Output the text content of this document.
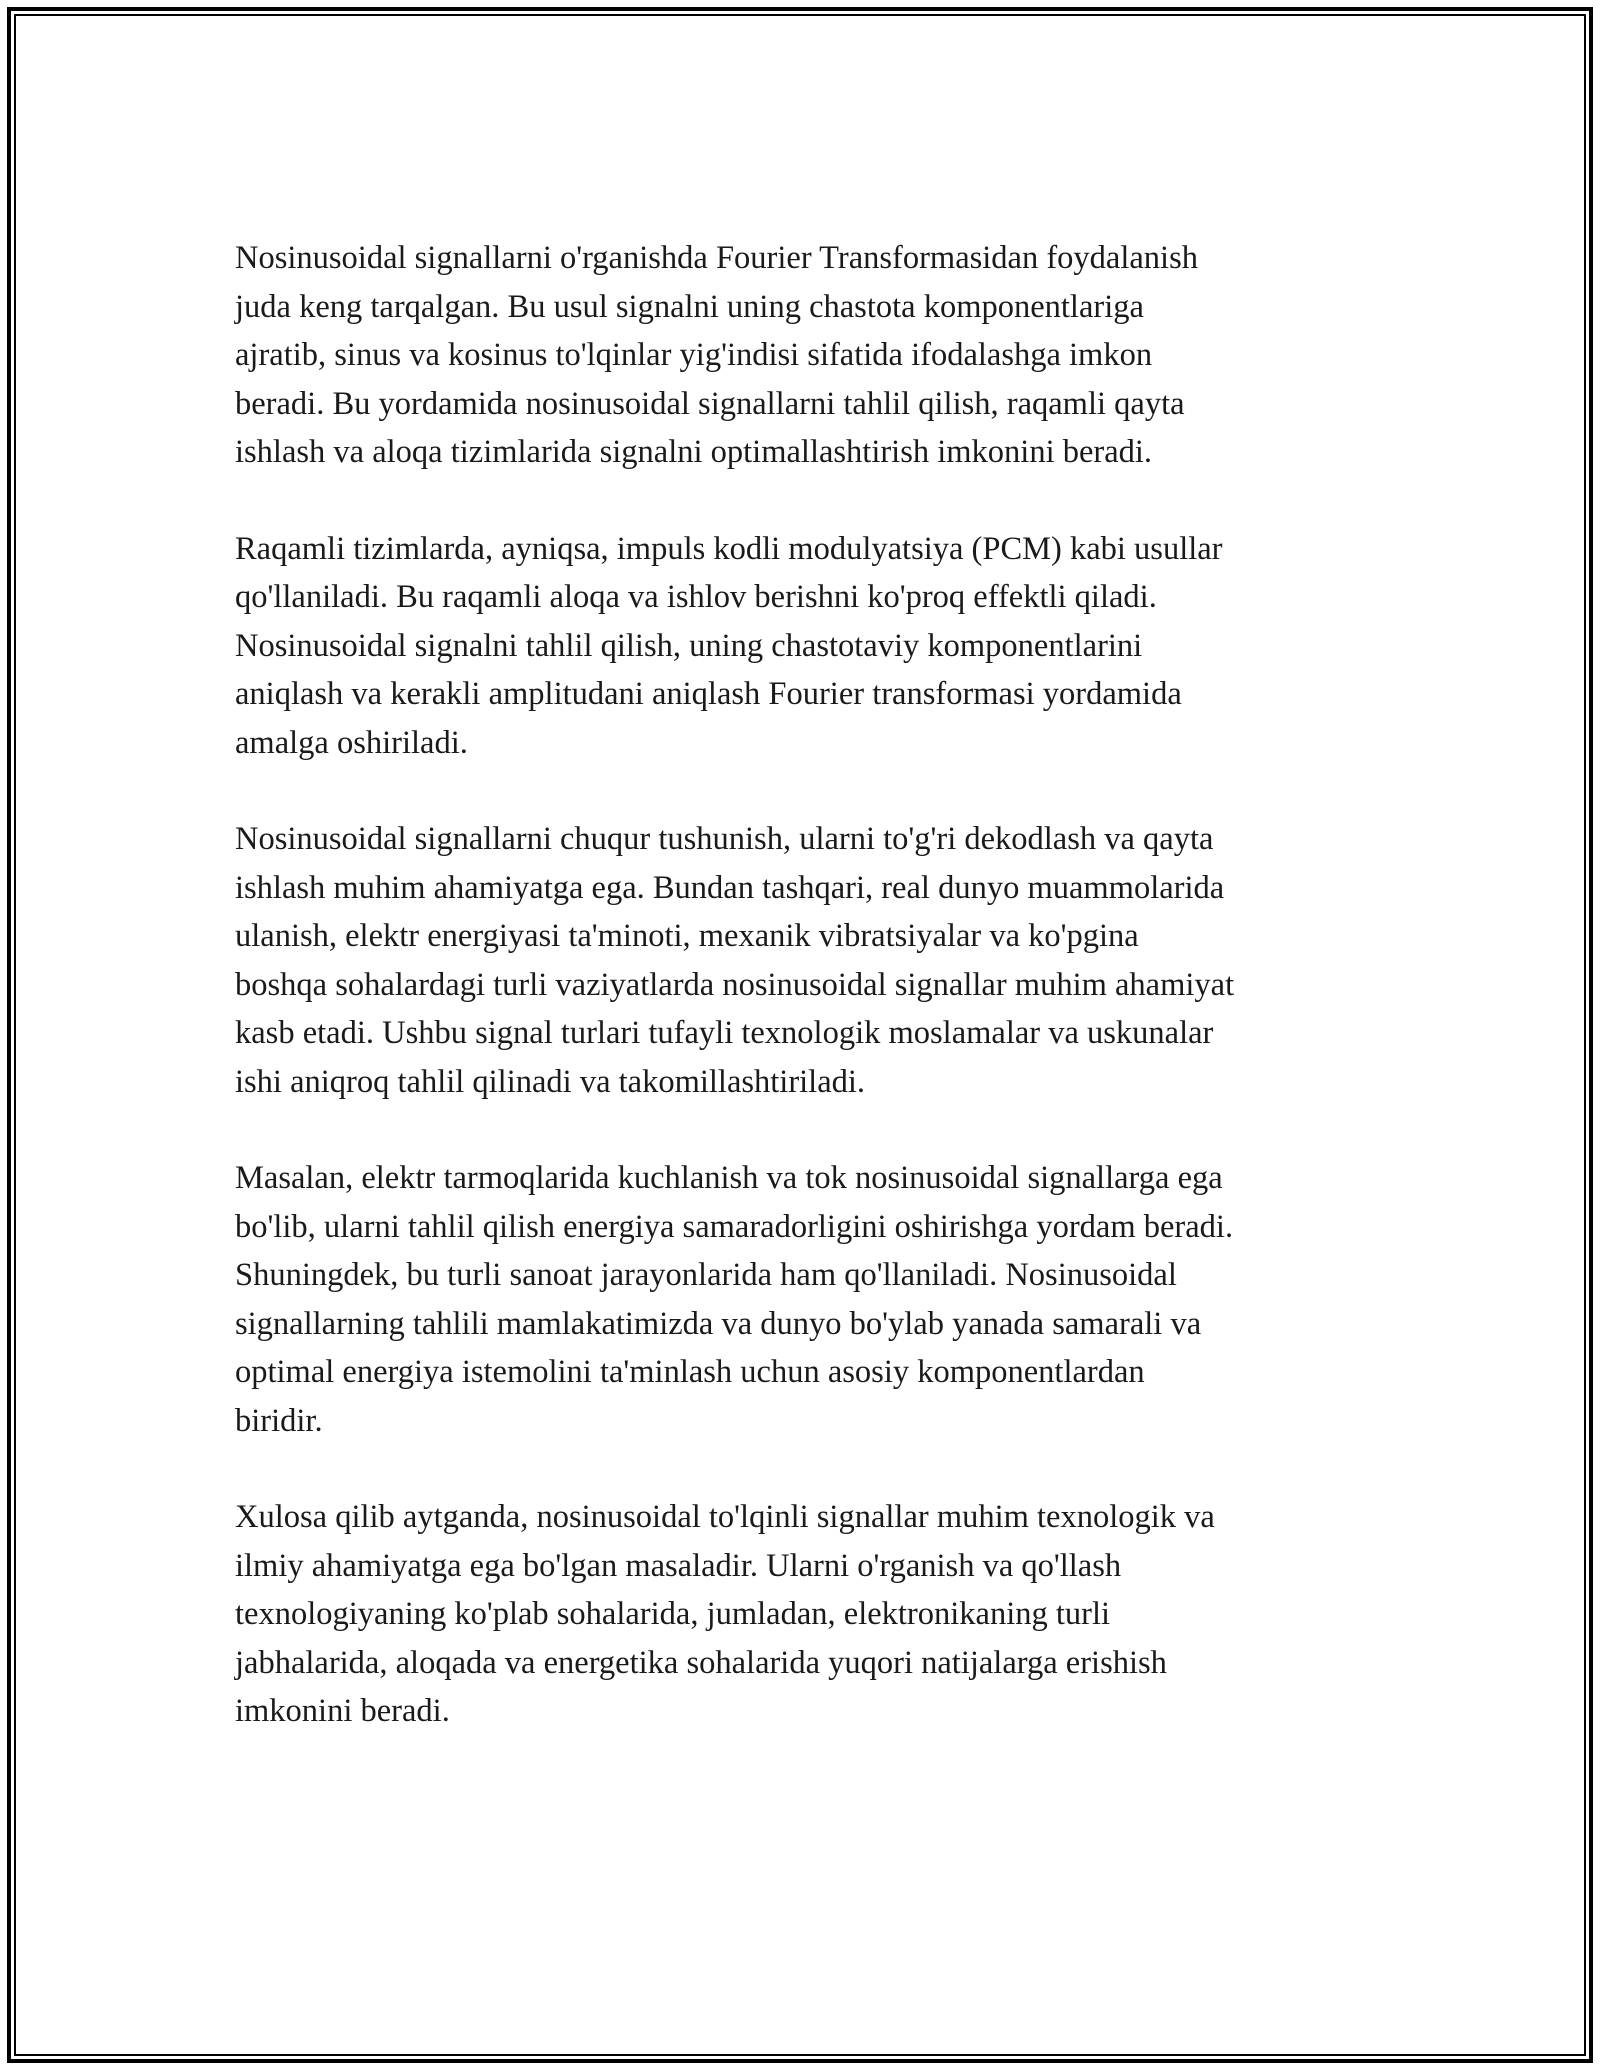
Nosinusoidal signallarni o'rganishda Fourier Transformasidan foydalanish
juda keng tarqalgan. Bu usul signalni uning chastota komponentlariga
ajratib, sinus va kosinus to'lqinlar yig'indisi sifatida ifodalashga imkon
beradi. Bu yordamida nosinusoidal signallarni tahlil qilish, raqamli qayta
ishlash va aloqa tizimlarida signalni optimallashtirish imkonini beradi.

Raqamli tizimlarda, ayniqsa, impuls kodli modulyatsiya (PCM) kabi usullar
qo'llaniladi. Bu raqamli aloqa va ishlov berishni ko'proq effektli qiladi.
Nosinusoidal signalni tahlil qilish, uning chastotaviy komponentlarini
aniqlash va kerakli amplitudani aniqlash Fourier transformasi yordamida
amalga oshiriladi.

Nosinusoidal signallarni chuqur tushunish, ularni to'g'ri dekodlash va qayta
ishlash muhim ahamiyatga ega. Bundan tashqari, real dunyo muammolarida
ulanish, elektr energiyasi ta'minoti, mexanik vibratsiyalar va ko'pgina
boshqa sohalardagi turli vaziyatlarda nosinusoidal signallar muhim ahamiyat
kasb etadi. Ushbu signal turlari tufayli texnologik moslamalar va uskunalar
ishi aniqroq tahlil qilinadi va takomillashtiriladi.

Masalan, elektr tarmoqlarida kuchlanish va tok nosinusoidal signallarga ega
bo'lib, ularni tahlil qilish energiya samaradorligini oshirishga yordam beradi.
Shuningdek, bu turli sanoat jarayonlarida ham qo'llaniladi. Nosinusoidal
signallarning tahlili mamlakatimizda va dunyo bo'ylab yanada samarali va
optimal energiya istemolini ta'minlash uchun asosiy komponentlardan
biridir.

Xulosa qilib aytganda, nosinusoidal to'lqinli signallar muhim texnologik va
ilmiy ahamiyatga ega bo'lgan masaladir. Ularni o'rganish va qo'llash
texnologiyaning ko'plab sohalarida, jumladan, elektronikaning turli
jabhalarida, aloqada va energetika sohalarida yuqori natijalarga erishish
imkonini beradi.
